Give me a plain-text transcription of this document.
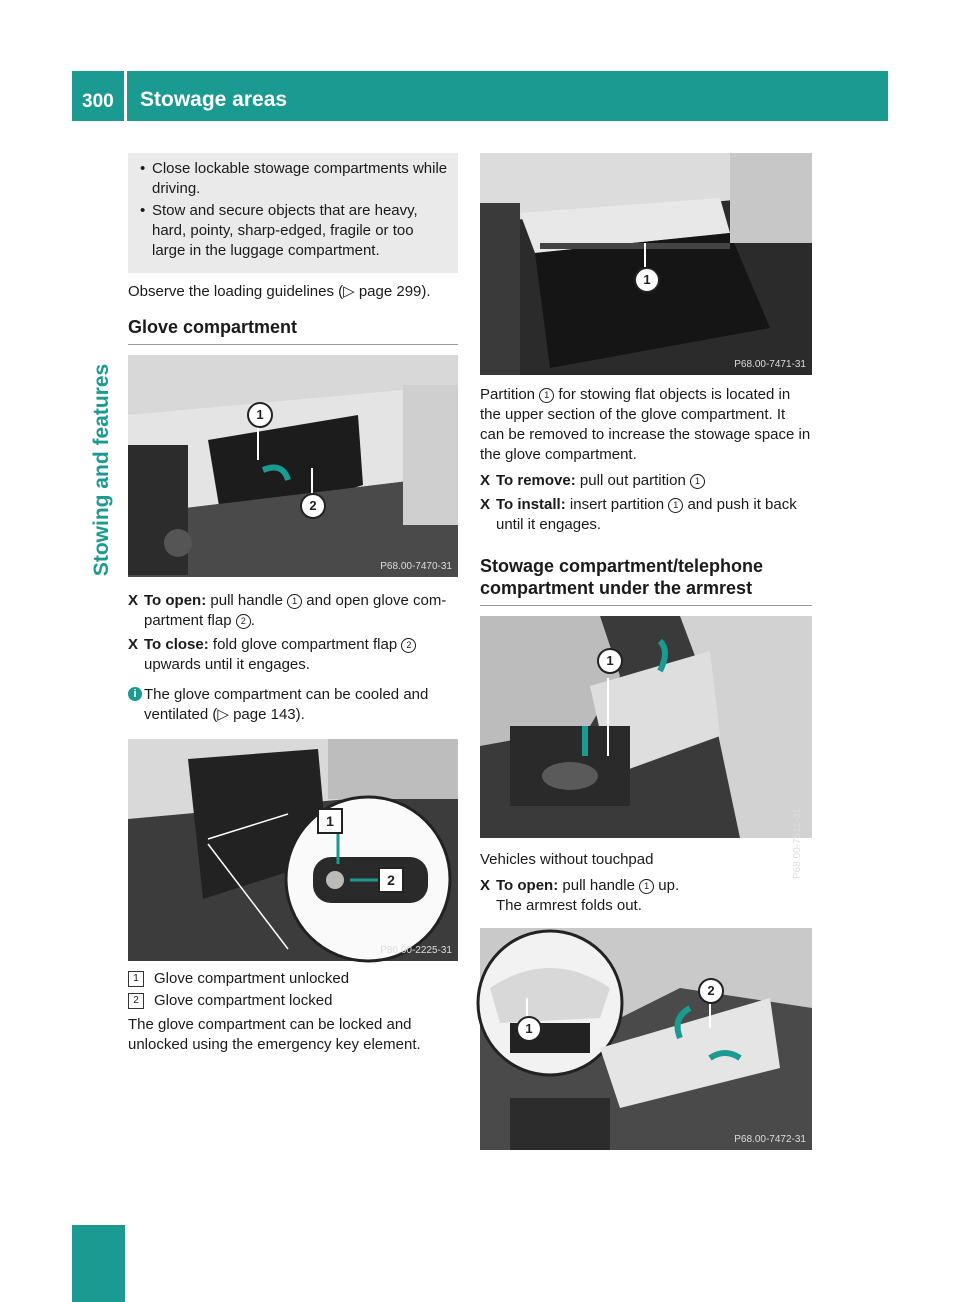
300 Stowage areas
Stowing and features
• Close lockable stowage compartments while driving.
• Stow and secure objects that are heavy, hard, pointy, sharp-edged, fragile or too large in the luggage compartment.
Observe the loading guidelines (▷ page 299).
Glove compartment
1
2
P68.00-7470-31
X To open: pull handle 1 and open glove com-partment flap 2 .
X To close: fold glove compartment flap 2 upwards until it engages.
i The glove compartment can be cooled and ventilated (▷ page 143).
1
2
P80.00-2225-31
1	Glove compartment unlocked
2	Glove compartment locked
The glove compartment can be locked and unlocked using the emergency key element.
1
P68.00-7471-31
Partition 1 for stowing flat objects is located in the upper section of the glove compartment. It can be removed to increase the stowage space in the glove compartment.
X To remove: pull out partition 1
X To install: insert partition 1 and push it back until it engages.
Stowage compartment/telephone compartment under the armrest
1
P68.00-7511-31
Vehicles without touchpad
X To open: pull handle 1 up.
The armrest folds out.
1
2
P68.00-7472-31
